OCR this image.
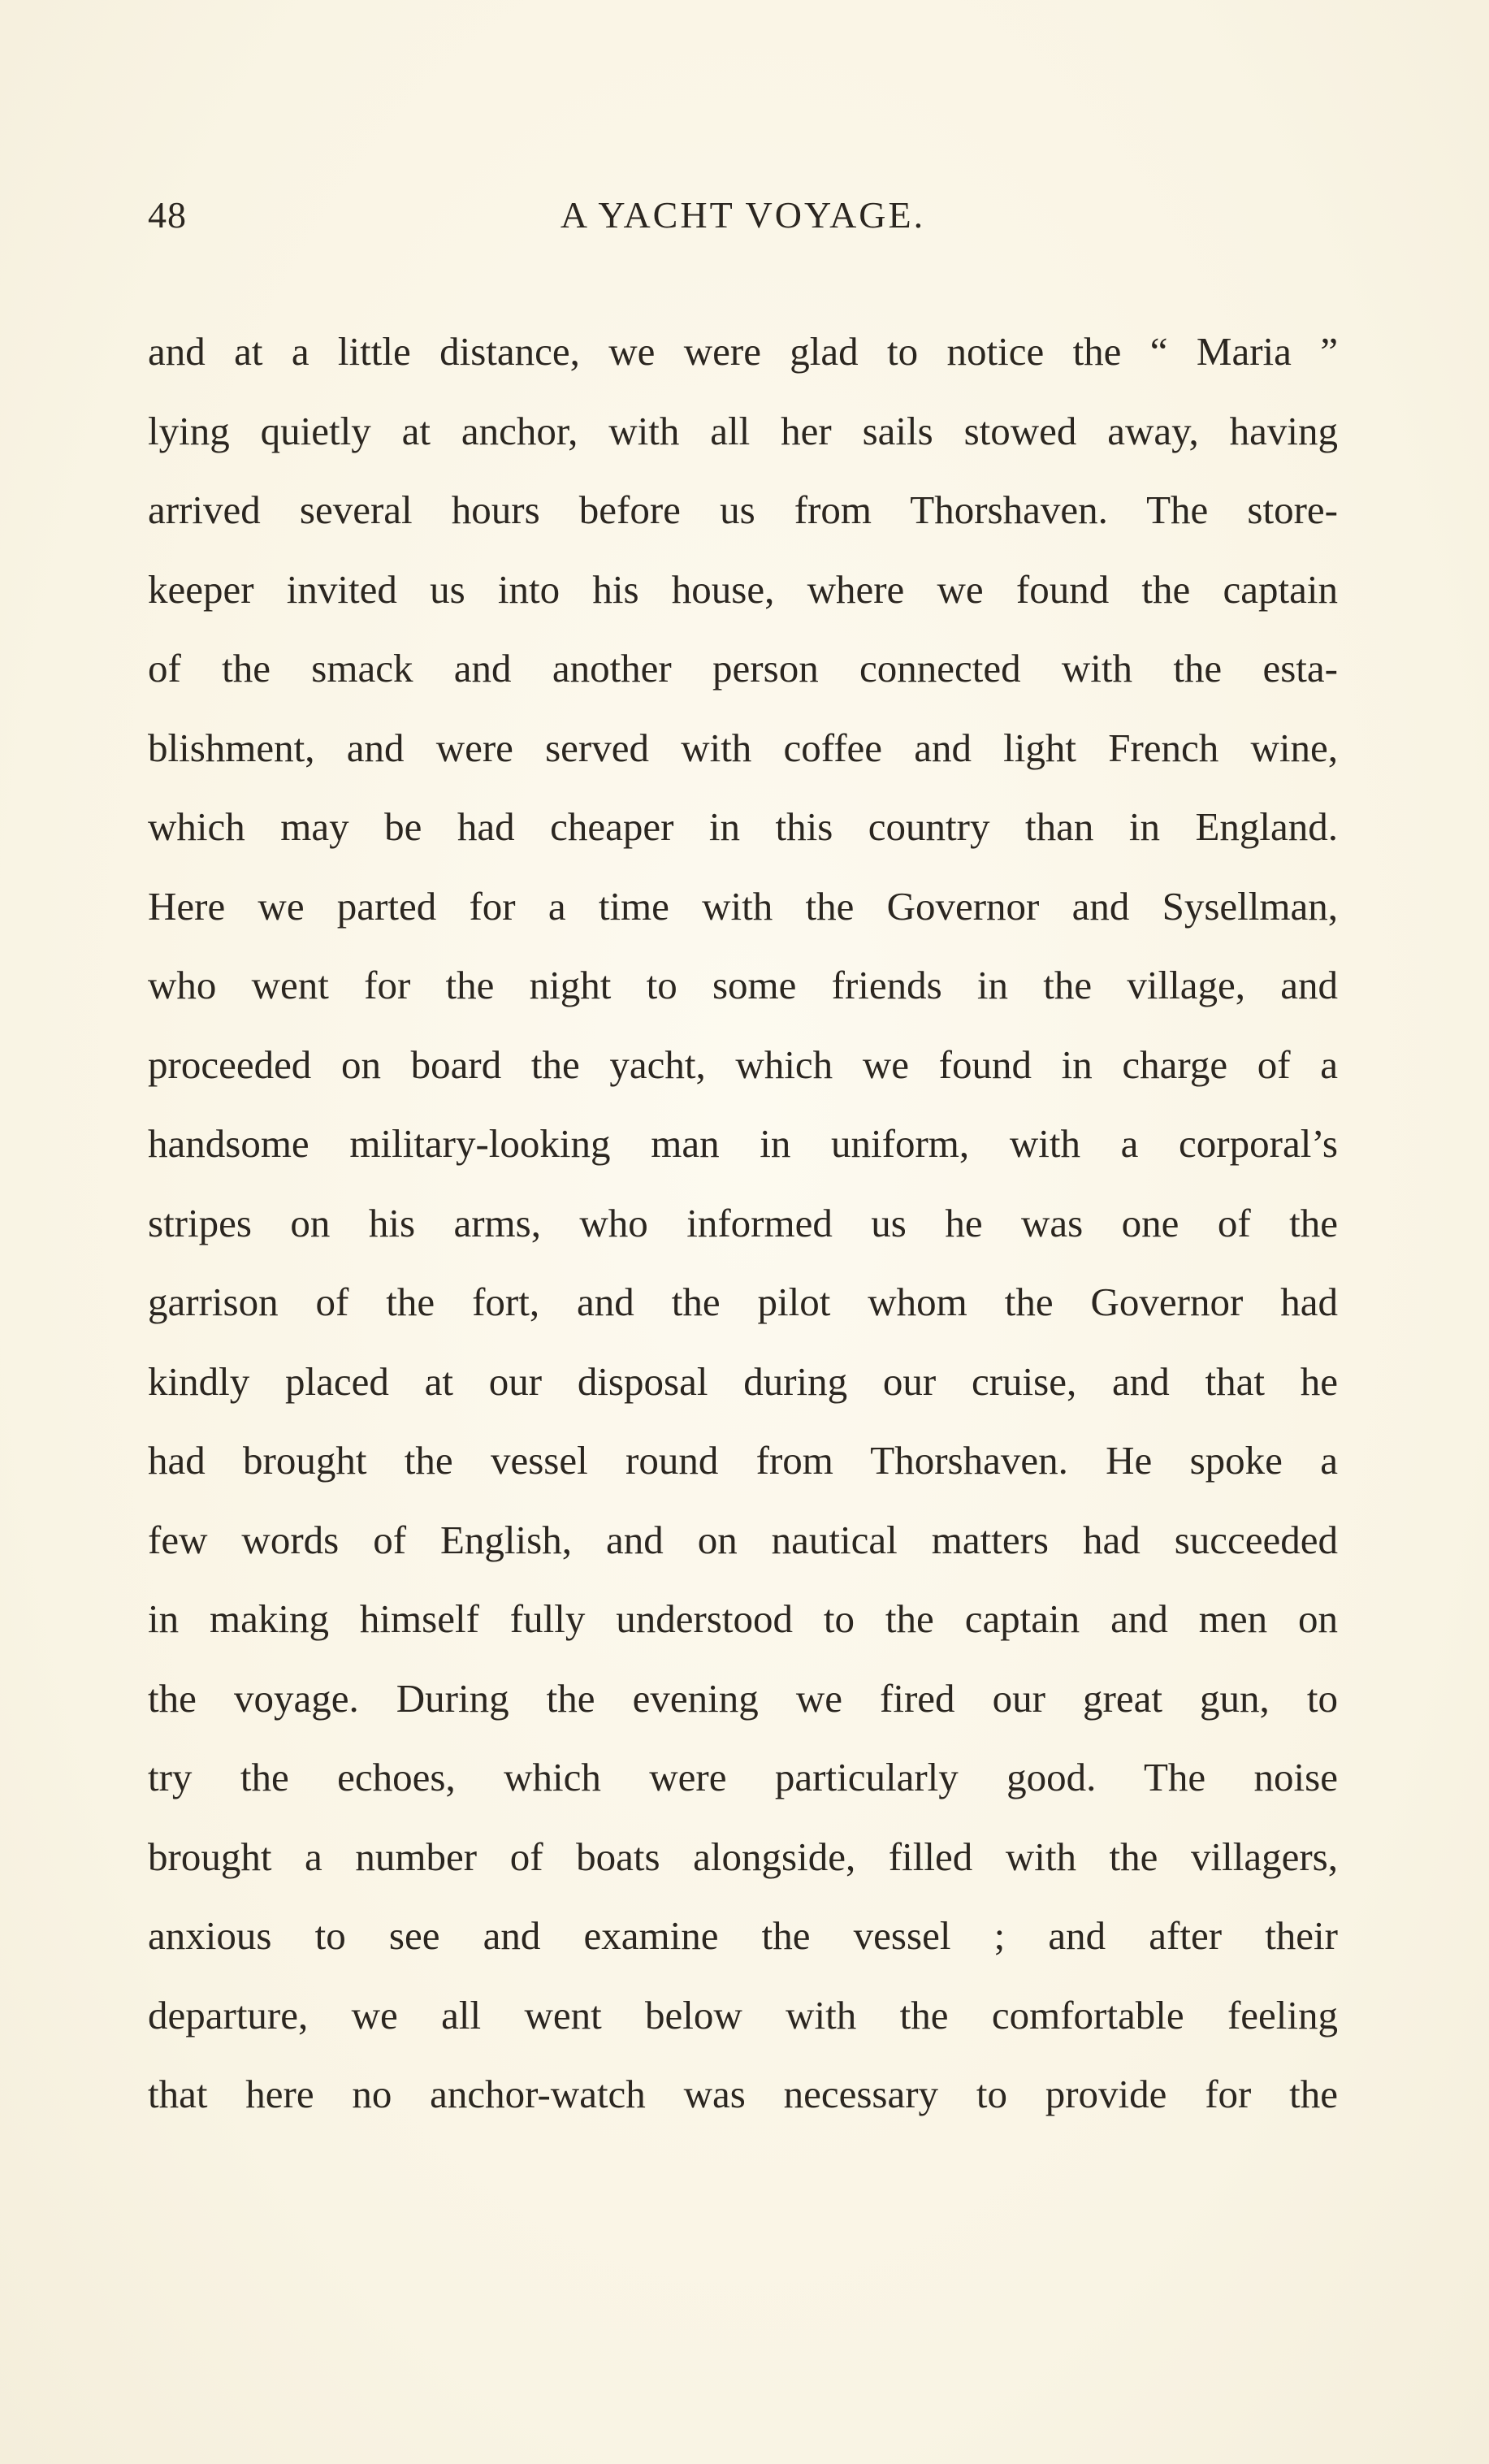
48	A YACHT VOYAGE.
and at a little distance, we were glad to notice the “ Maria ”
lying quietly at anchor, with all her sails stowed away, having
arrived several hours before us from Thorshaven. The store-
keeper invited us into his house, where we found the captain
of the smack and another person connected with the esta-
blishment, and were served with coffee and light French wine,
which may be had cheaper in this country than in England.
Here we parted for a time with the Governor and Sysellman,
who went for the night to some friends in the village, and
proceeded on board the yacht, which we found in charge of a
handsome military-looking man in uniform, with a corporal’s
stripes on his arms, who informed us he was one of the
garrison of the fort, and the pilot whom the Governor had
kindly placed at our disposal during our cruise, and that he
had brought the vessel round from Thorshaven. He spoke a
few words of English, and on nautical matters had succeeded
in making himself fully understood to the captain and men on
the voyage. During the evening we fired our great gun, to
try the echoes, which were particularly good. The noise
brought a number of boats alongside, filled with the villagers,
anxious to see and examine the vessel ; and after their
departure, we all went below with the comfortable feeling
that here no anchor-watch was necessary to provide for the
